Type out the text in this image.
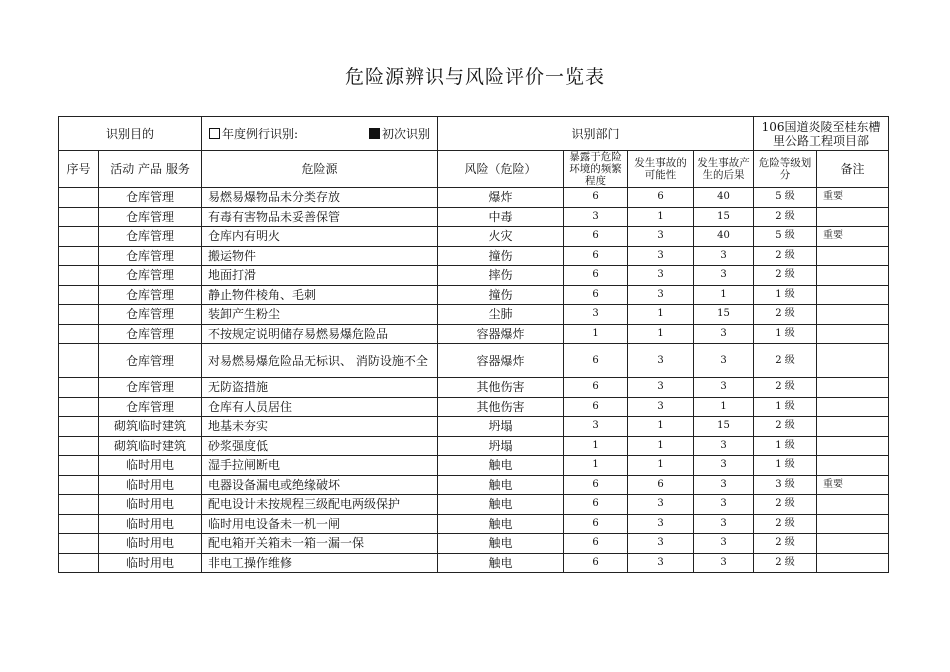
危险源辨识与风险评价一览表
识别目的		年度例行识别: 初次识别	识别部门				106国道炎陵至桂东槽里公路工程项目部	
序号	活动 产品 服务	危险源	风险（危险）	暴露于危险环境的频繁程度	发生事故的可能性	发生事故产生的后果	危险等级划分	备注
	仓库管理	易燃易爆物品未分类存放	爆炸	6	6	40	5 级	重要
	仓库管理	有毒有害物品未妥善保管	中毒	3	1	15	2 级	
	仓库管理	仓库内有明火	火灾	6	3	40	5 级	重要
	仓库管理	搬运物件	撞伤	6	3	3	2 级	
	仓库管理	地面打滑	摔伤	6	3	3	2 级	
	仓库管理	静止物件棱角、毛刺	撞伤	6	3	1	1 级	
	仓库管理	装卸产生粉尘	尘肺	3	1	15	2 级	
	仓库管理	不按规定说明储存易燃易爆危险品	容器爆炸	1	1	3	1 级	
	仓库管理	对易燃易爆危险品无标识、 消防设施不全	容器爆炸	6	3	3	2 级	
	仓库管理	无防盗措施	其他伤害	6	3	3	2 级	
	仓库管理	仓库有人员居住	其他伤害	6	3	1	1 级	
	砌筑临时建筑	地基未夯实	坍塌	3	1	15	2 级	
	砌筑临时建筑	砂浆强度低	坍塌	1	1	3	1 级	
	临时用电	湿手拉闸断电	触电	1	1	3	1 级	
	临时用电	电器设备漏电或绝缘破坏	触电	6	6	3	3 级	重要
	临时用电	配电设计未按规程三级配电两级保护	触电	6	3	3	2 级	
	临时用电	临时用电设备未一机一闸	触电	6	3	3	2 级	
	临时用电	配电箱开关箱未一箱一漏一保	触电	6	3	3	2 级	
	临时用电	非电工操作维修	触电	6	3	3	2 级	
